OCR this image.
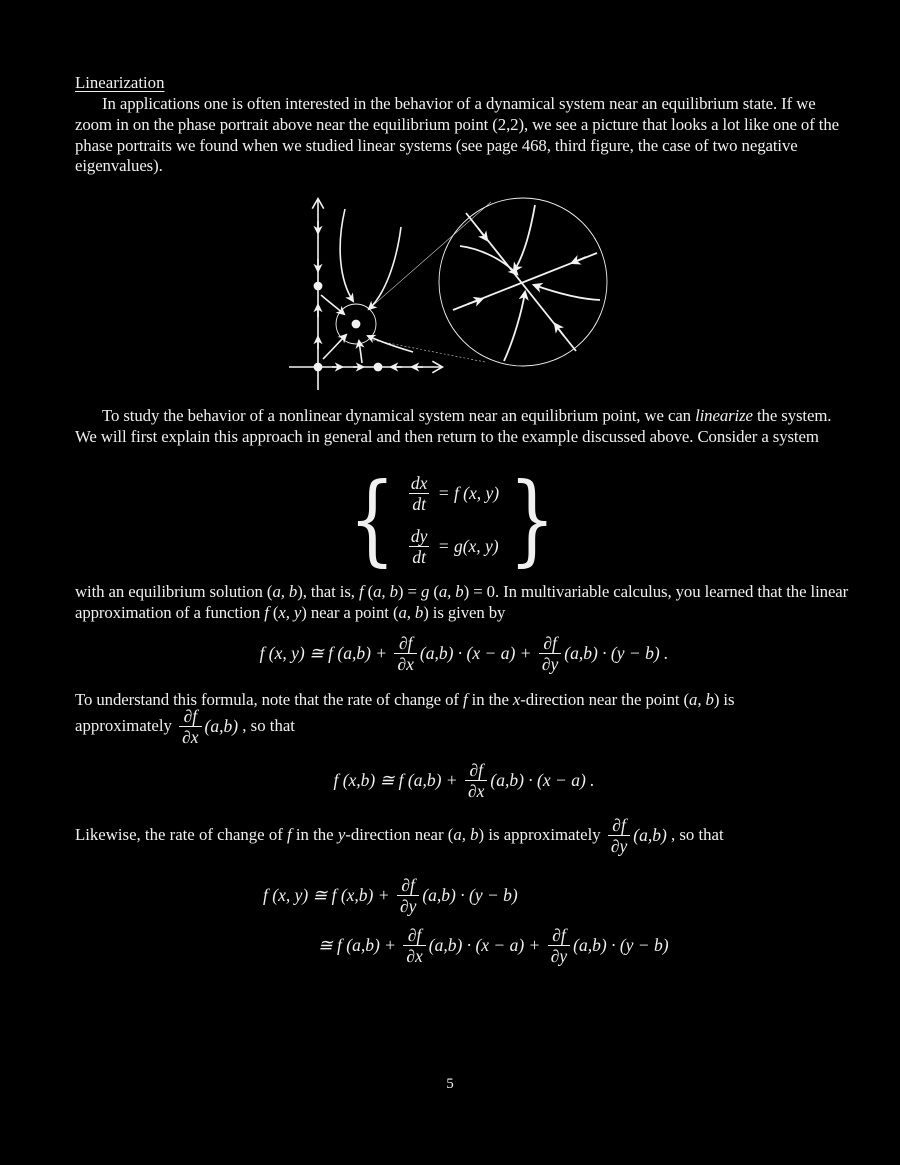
Linearization

In applications one is often interested in the behavior of a dynamical system near an equilibrium state. If we zoom in on the phase portrait above near the equilibrium point (2,2), we see a picture that looks a lot like one of the phase portraits we found when we studied linear systems (see page 468, third figure, the case of two negative eigenvalues).

To study the behavior of a nonlinear dynamical system near an equilibrium point, we can linearize the system. We will first explain this approach in general and then return to the example discussed above. Consider a system

{ $\frac{dx}{dt} = f$ (x, y)
$\frac{dy}{dt} = g(x$, y) }

with an equilibrium solution (a, b), that is, f (a, b) = g (a, b) = 0. In multivariable calculus, you learned that the linear approximation of a function f (x, y) near a point (a, b) is given by

f (x, y) ≅ f $(a,b) + \frac{\partial f}{\partial x} (a,b) \cdot (x - a) + \frac{\partial f}{\partial y} (a,b) \cdot (y - b)$ .

To understand this formula, note that the rate of change of f in the x-direction near the point (a, b) is

approximately $\frac{\partial f}{\partial x} (a,b)$ , so that
f (x,b) ≅ f $(a,b) + \frac{\partial f}{\partial x} (a,b) \cdot (x - a)$ .
Likewise, the rate of change of f in the y-direction near (a, b) is approximately $\frac{\partial f}{\partial y} (a,b)$ , so that
f (x, y) ≅ f $(x,b) + \frac{\partial f}{\partial y} (a,b) \cdot (y - b)$
≅ f $(a,b) + \frac{\partial f}{\partial x} (a,b) \cdot (x - a) + \frac{\partial f}{\partial y} (a,b) \cdot (y - b)$
5
